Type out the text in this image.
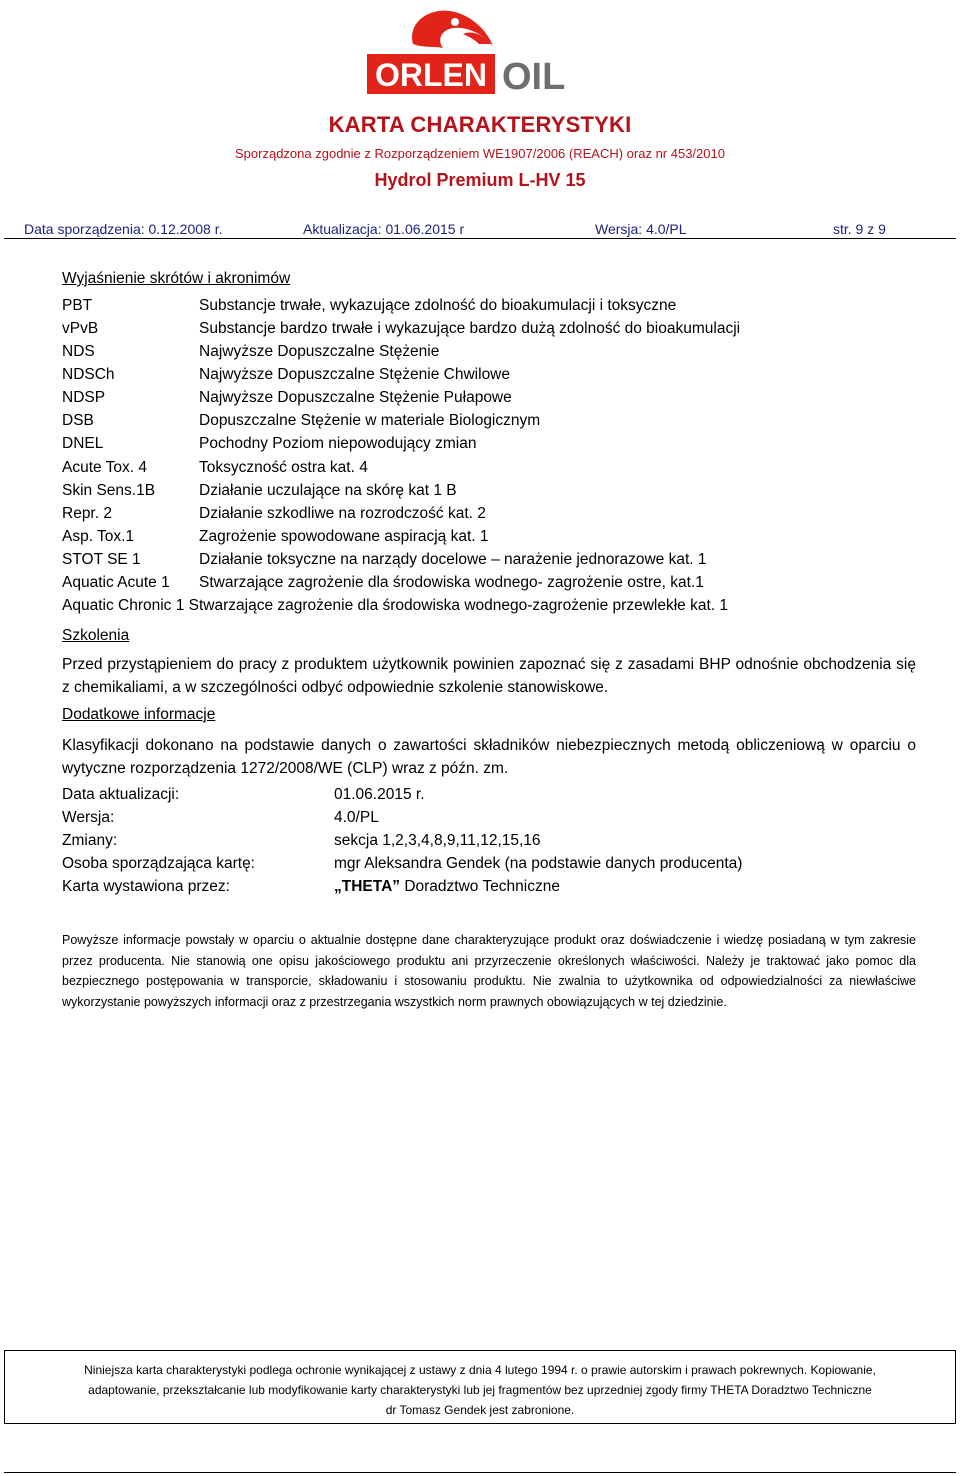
ORLEN OIL
KARTA CHARAKTERYSTYKI
Sporządzona zgodnie z Rozporządzeniem WE1907/2006 (REACH) oraz nr 453/2010
Hydrol Premium L-HV 15
Data sporządzenia: 0.12.2008 r.	Aktualizacja: 01.06.2015 r	Wersja: 4.0/PL	str. 9 z 9
Wyjaśnienie skrótów i akronimów
PBT	Substancje trwałe, wykazujące zdolność do bioakumulacji i toksyczne
vPvB	Substancje bardzo trwałe i wykazujące bardzo dużą zdolność do bioakumulacji
NDS	Najwyższe Dopuszczalne Stężenie
NDSCh	Najwyższe Dopuszczalne Stężenie Chwilowe
NDSP	Najwyższe Dopuszczalne Stężenie Pułapowe
DSB	Dopuszczalne Stężenie w materiale Biologicznym
DNEL	Pochodny Poziom niepowodujący zmian
Acute Tox. 4	Toksyczność ostra kat. 4
Skin Sens.1B	Działanie uczulające na skórę kat 1 B
Repr. 2	Działanie szkodliwe na rozrodczość kat. 2
Asp. Tox.1	Zagrożenie spowodowane aspiracją kat. 1
STOT SE 1	Działanie toksyczne na narządy docelowe – narażenie jednorazowe kat. 1
Aquatic Acute 1 Stwarzające zagrożenie dla środowiska wodnego- zagrożenie ostre, kat.1
Aquatic Chronic 1 Stwarzające zagrożenie dla środowiska wodnego-zagrożenie przewlekłe kat. 1
Szkolenia
Przed przystąpieniem do pracy z produktem użytkownik powinien zapoznać się z zasadami BHP odnośnie obchodzenia się z chemikaliami, a w szczególności odbyć odpowiednie szkolenie stanowiskowe.
Dodatkowe informacje
Klasyfikacji dokonano na podstawie danych o zawartości składników niebezpiecznych metodą obliczeniową w oparciu o wytyczne rozporządzenia 1272/2008/WE (CLP) wraz z późn. zm.
Data aktualizacji:	01.06.2015 r.
Wersja:	4.0/PL
Zmiany:	sekcja 1,2,3,4,8,9,11,12,15,16
Osoba sporządzająca kartę:	mgr Aleksandra Gendek (na podstawie danych producenta)
Karta wystawiona przez:	„THETA” Doradztwo Techniczne
Powyższe informacje powstały w oparciu o aktualnie dostępne dane charakteryzujące produkt oraz doświadczenie i wiedzę posiadaną w tym zakresie przez producenta. Nie stanowią one opisu jakościowego produktu ani przyrzeczenie określonych właściwości. Należy je traktować jako pomoc dla bezpiecznego postępowania w transporcie, składowaniu i stosowaniu produktu. Nie zwalnia to użytkownika od odpowiedzialności za niewłaściwe wykorzystanie powyższych informacji oraz z przestrzegania wszystkich norm prawnych obowiązujących w tej dziedzinie.
Niniejsza karta charakterystyki podlega ochronie wynikającej z ustawy z dnia 4 lutego 1994 r. o prawie autorskim i prawach pokrewnych. Kopiowanie,
adaptowanie, przekształcanie lub modyfikowanie karty charakterystyki lub jej fragmentów bez uprzedniej zgody firmy THETA Doradztwo Techniczne
dr Tomasz Gendek jest zabronione.
